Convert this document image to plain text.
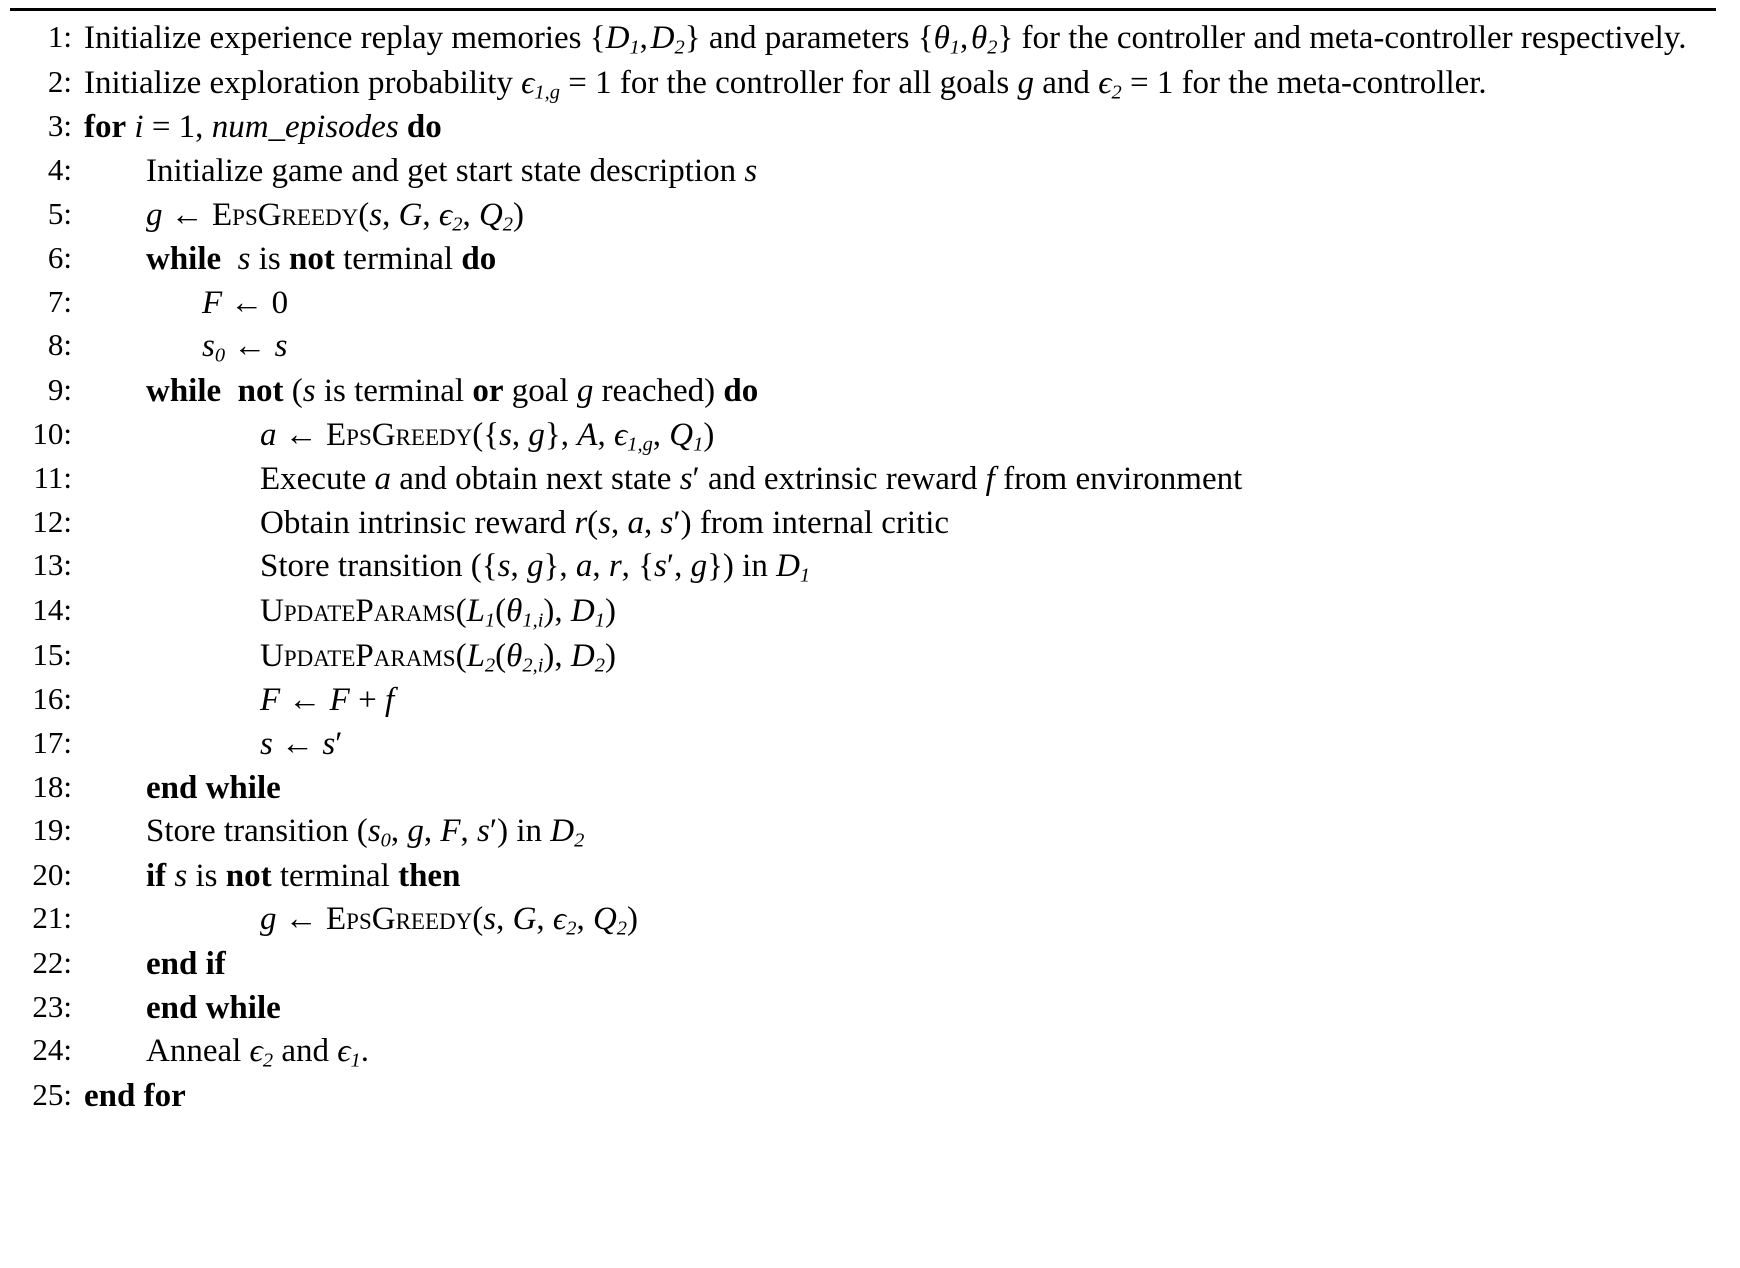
1: Initialize experience replay memories {$D_1$, $D_2$} and parameters {$\theta_1$, $\theta_2$} for the controller and meta-controller respectively.
2: Initialize exploration probability $\epsilon_{1,g} = 1$ for the controller for all goals g and $\epsilon_2 = 1$ for the meta-controller.
3: for i = 1, num_episodes do
4:	Initialize game and get start state description s
5:	g ← EpsGreedy(s, G, $\epsilon_2$, $Q_2$)
6:	while s is not terminal do
7:	F ← 0
8:	$s_0$ ← s
9:	while not (s is terminal or goal g reached) do
10:	a ← EpsGreedy({s, g}, A, $\epsilon_{1,g}$, $Q_1$)
11:	Execute a and obtain next state s′ and extrinsic reward f from environment
12:	Obtain intrinsic reward r(s, a, s′) from internal critic
13:	Store transition ({s, g}, a, r, {s′, g}) in $D_1$
14:	$UpdateParams(L_1(\theta_{1,i})$, $D_1$)
15:	$UpdateParams(L_2(\theta_{2,i})$, $D_2$)
16:	F ← F + f
17:	s ← s′
18:	end while
19:	Store transition ($s_0$, g, F, s′) in $D_2$
20:	if s is not terminal then
21:	g ← EpsGreedy(s, G, $\epsilon_2$, $Q_2$)
22:	end if
23:	end while
24:	Anneal $\epsilon_2$ and $\epsilon_1$.
25: end for
